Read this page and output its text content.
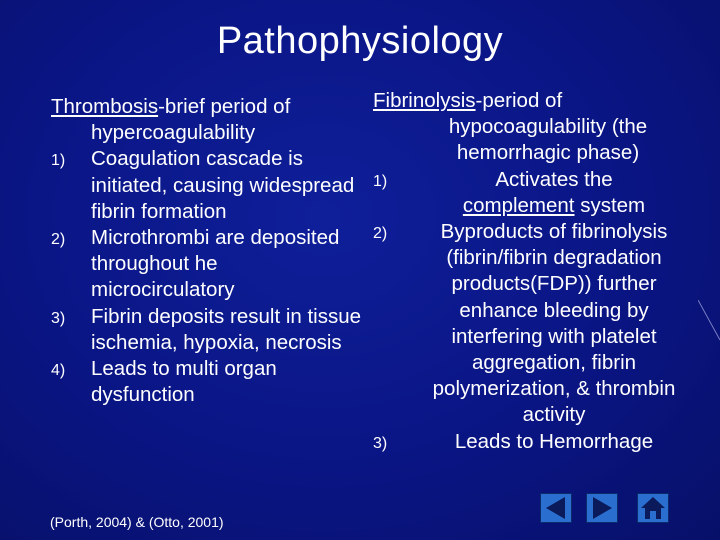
Pathophysiology
Thrombosis-brief period of
hypercoagulability
1) Coagulation cascade is initiated, causing widespread fibrin formation
2) Microthrombi are deposited throughout he microcirculatory
3) Fibrin deposits result in tissue ischemia, hypoxia, necrosis
4) Leads to multi organ dysfunction
Fibrinolysis-period of
hypocoagulability (the hemorrhagic phase)
1)	Activates the
complement system
2)	Byproducts of fibrinolysis (fibrin/fibrin degradation products(FDP)) further enhance bleeding by interfering with platelet aggregation, fibrin polymerization, & thrombin activity
3)	Leads to Hemorrhage
(Porth, 2004) & (Otto, 2001)
